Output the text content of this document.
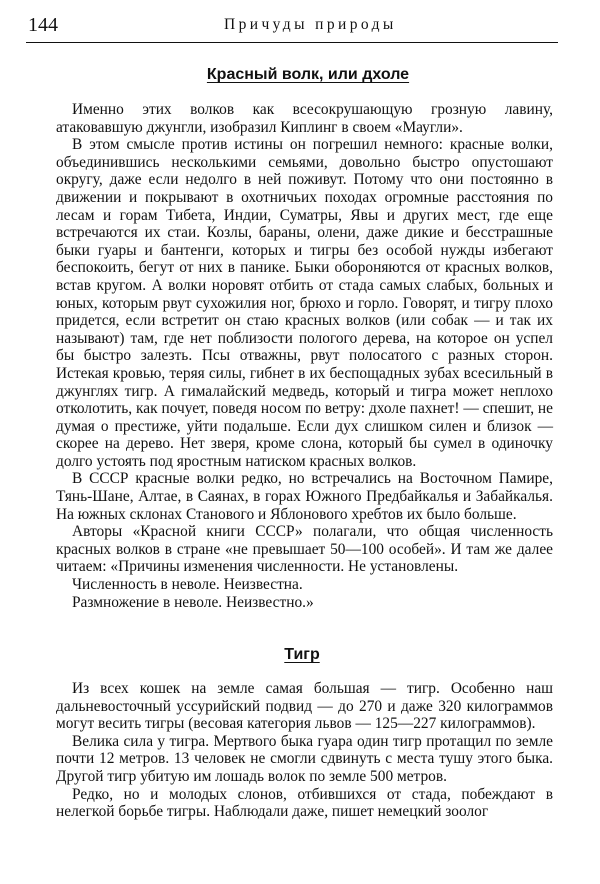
144	Причуды природы
Красный волк, или дхоле

Именно этих волков как всесокрушающую грозную лавину, атаковавшую джунгли, изобразил Киплинг в своем «Маугли».

В этом смысле против истины он погрешил немного: красные волки, объединившись несколькими семьями, довольно быстро опустошают округу, даже если недолго в ней поживут. Потому что они постоянно в движении и покрывают в охотничьих походах огромные расстояния по лесам и горам Тибета, Индии, Суматры, Явы и других мест, где еще встречаются их стаи. Козлы, бараны, олени, даже дикие и бесстрашные быки гуары и бантенги, которых и тигры без особой нужды избегают беспокоить, бегут от них в панике. Быки обороняются от красных волков, встав кругом. А волки норовят отбить от стада самых слабых, больных и юных, которым рвут сухожилия ног, брюхо и горло. Говорят, и тигру плохо придется, если встретит он стаю красных волков (или собак — и так их называют) там, где нет поблизости пологого дерева, на которое он успел бы быстро залезть. Псы отважны, рвут полосатого с разных сторон. Истекая кровью, теряя силы, гибнет в их беспощадных зубах всесильный в джунглях тигр. А гималайский медведь, который и тигра может неплохо отколотить, как почует, поведя носом по ветру: дхоле пахнет! — спешит, не думая о престиже, уйти подальше. Если дух слишком силен и близок — скорее на дерево. Нет зверя, кроме слона, который бы сумел в одиночку долго устоять под яростным натиском красных волков.

В СССР красные волки редко, но встречались на Восточном Памире, Тянь-Шане, Алтае, в Саянах, в горах Южного Предбайкалья и Забайкалья. На южных склонах Станового и Яблонового хребтов их было больше.

Авторы «Красной книги СССР» полагали, что общая численность красных волков в стране «не превышает 50—100 особей». И там же далее читаем: «Причины изменения численности. Не установлены.

Численность в неволе. Неизвестна.

Размножение в неволе. Неизвестно.»

Тигр

Из всех кошек на земле самая большая — тигр. Особенно наш дальневосточный уссурийский подвид — до 270 и даже 320 килограммов могут весить тигры (весовая категория львов — 125—227 килограммов).

Велика сила у тигра. Мертвого быка гуара один тигр протащил по земле почти 12 метров. 13 человек не смогли сдвинуть с места тушу этого быка. Другой тигр убитую им лошадь волок по земле 500 метров.

Редко, но и молодых слонов, отбившихся от стада, побеждают в нелегкой борьбе тигры. Наблюдали даже, пишет немецкий зоолог
